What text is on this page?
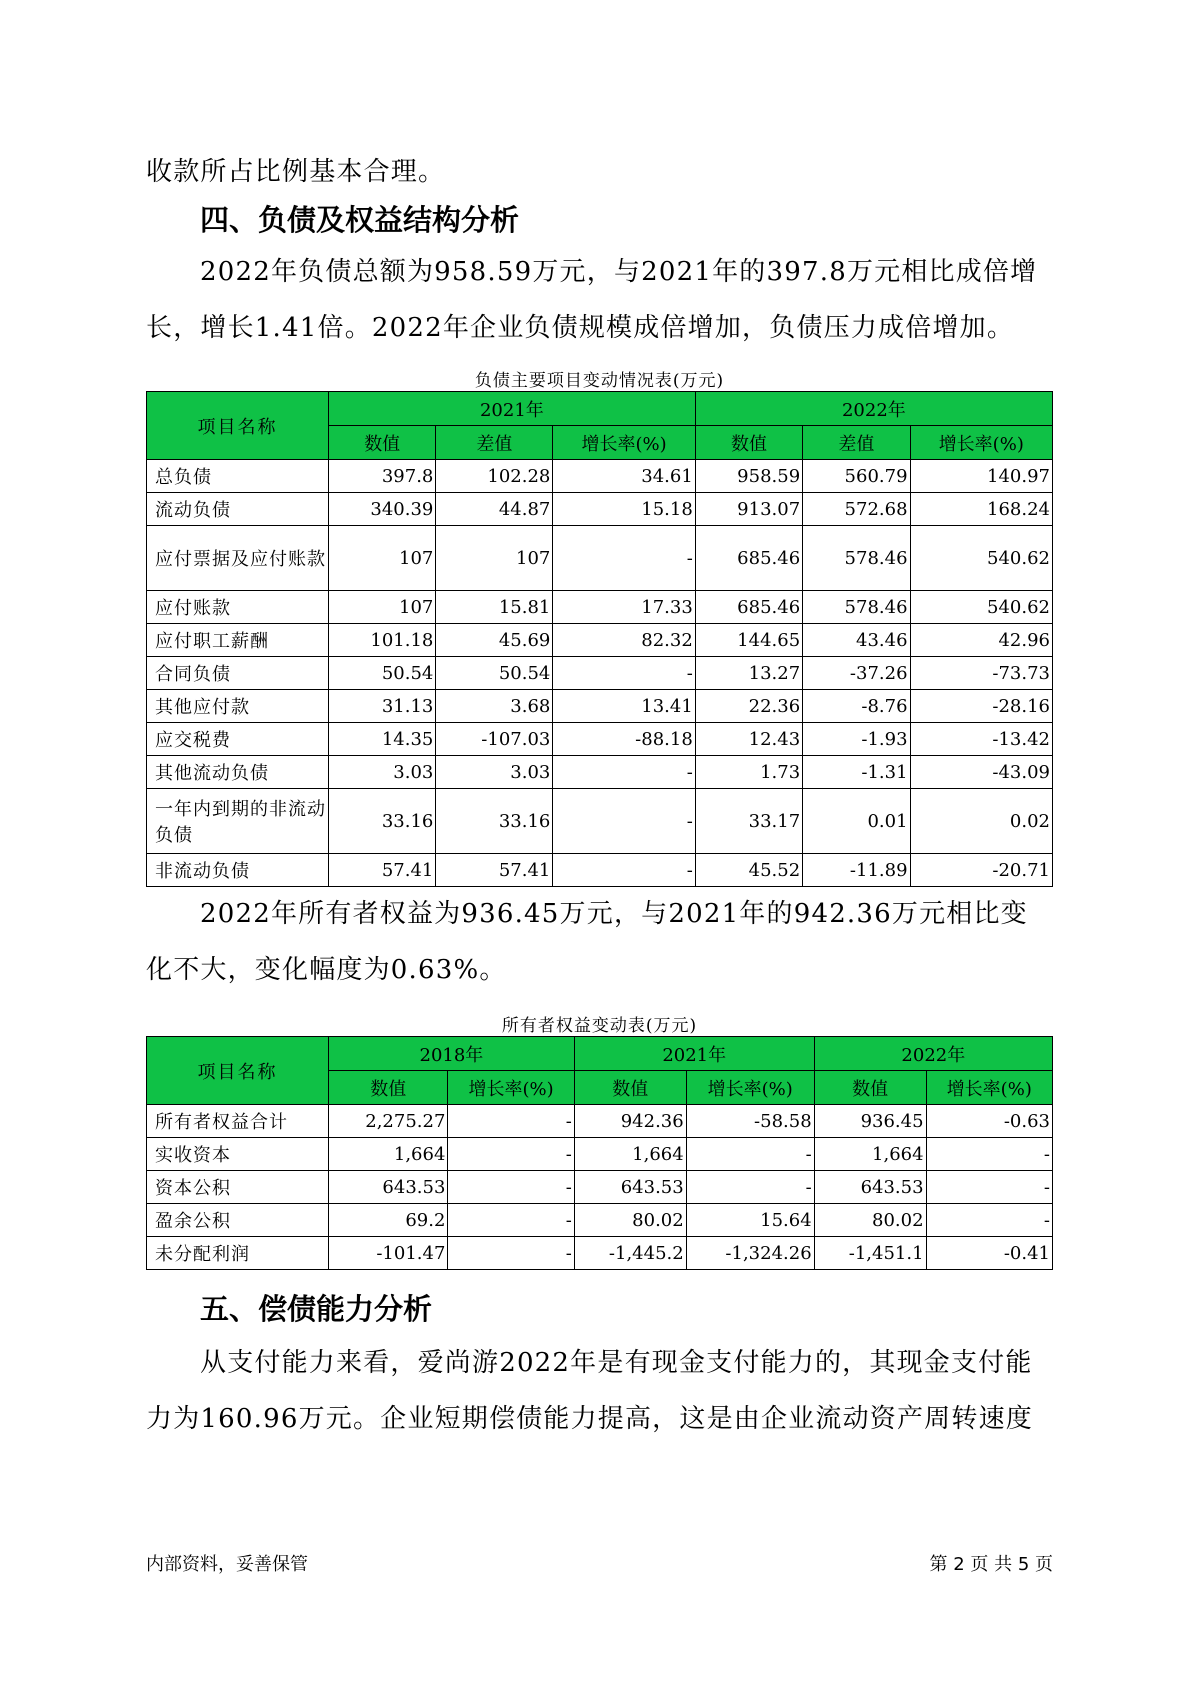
收款所占比例基本合理。
四、负债及权益结构分析
2022年负债总额为958.59万元，与2021年的397.8万元相比成倍增长，增长1.41倍。2022年企业负债规模成倍增加，负债压力成倍增加。
负债主要项目变动情况表(万元)
项目名称	2021年			2022年		
	数值	差值	增长率(%)	数值	差值	增长率(%)
总负债	397.8	102.28	34.61	958.59	560.79	140.97
流动负债	340.39	44.87	15.18	913.07	572.68	168.24
应付票据及应付账款	107	107	-	685.46	578.46	540.62
应付账款	107	15.81	17.33	685.46	578.46	540.62
应付职工薪酬	101.18	45.69	82.32	144.65	43.46	42.96
合同负债	50.54	50.54	-	13.27	-37.26	-73.73
其他应付款	31.13	3.68	13.41	22.36	-8.76	-28.16
应交税费	14.35	-107.03	-88.18	12.43	-1.93	-13.42
其他流动负债	3.03	3.03	-	1.73	-1.31	-43.09
一年内到期的非流动负债	33.16	33.16	-	33.17	0.01	0.02
非流动负债	57.41	57.41	-	45.52	-11.89	-20.71
2022年所有者权益为936.45万元，与2021年的942.36万元相比变化不大，变化幅度为0.63%。
所有者权益变动表(万元)
项目名称	2018年		2021年		2022年	
	数值	增长率(%)	数值	增长率(%)	数值	增长率(%)
所有者权益合计	2,275.27	-	942.36	-58.58	936.45	-0.63
实收资本	1,664	-	1,664	-	1,664	-
资本公积	643.53	-	643.53	-	643.53	-
盈余公积	69.2	-	80.02	15.64	80.02	-
未分配利润	-101.47	-	-1,445.2	-1,324.26	-1,451.1	-0.41
五、偿债能力分析
从支付能力来看，爱尚游2022年是有现金支付能力的，其现金支付能力为160.96万元。企业短期偿债能力提高，这是由企业流动资产周转速度
内部资料，妥善保管	第 2 页 共 5 页
